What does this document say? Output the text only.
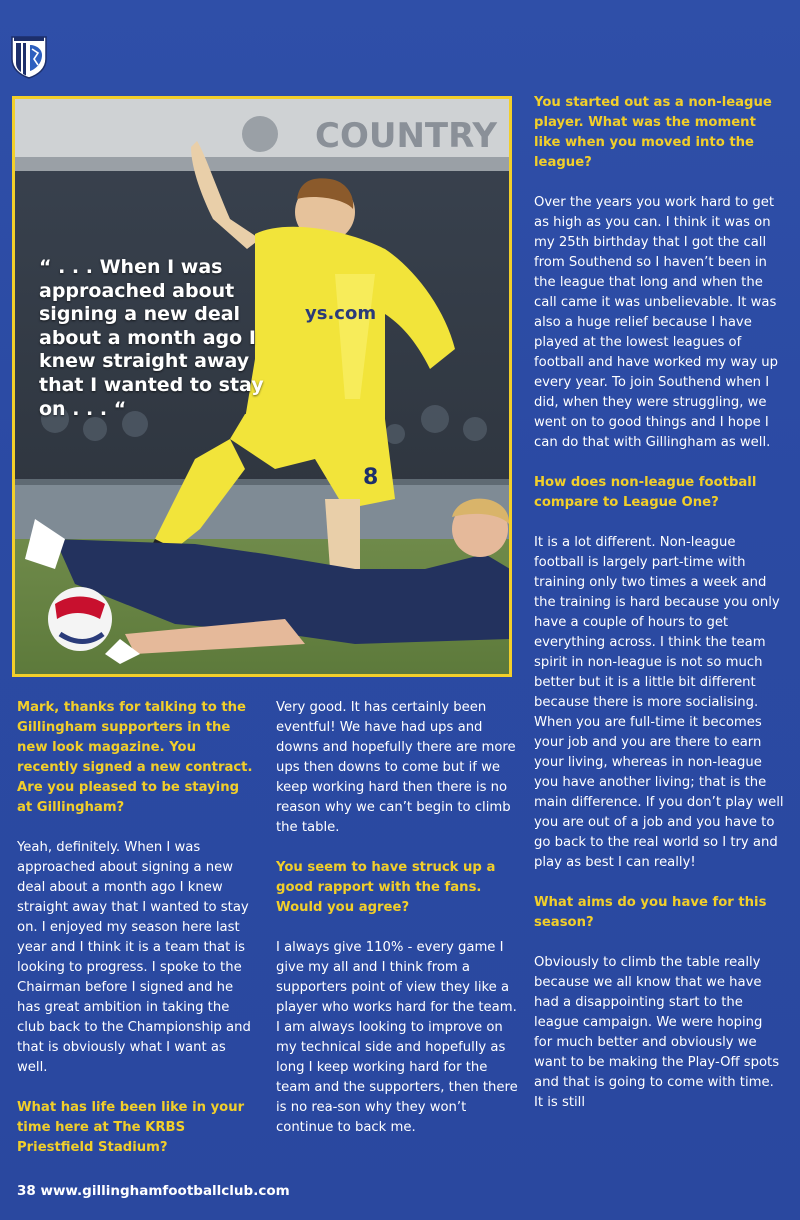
COUNTRY
ys.com
8
“ . . . When I was approached about signing a new deal about a month ago I knew straight away that I wanted to stay on . . . “

Mark, thanks for talking to the Gillingham supporters in the new look magazine. You recently signed a new contract. Are you pleased to be staying at Gillingham?

Yeah, definitely. When I was approached about signing a new deal about a month ago I knew straight away that I wanted to stay on. I enjoyed my season here last year and I think it is a team that is looking to progress. I spoke to the Chairman before I signed and he has great ambition in taking the club back to the Championship and that is obviously what I want as well.

What has life been like in your time here at The KRBS Priestfield Stadium?

Very good. It has certainly been eventful! We have had ups and downs and hopefully there are more ups then downs to come but if we keep working hard then there is no reason why we can’t begin to climb the table.

You seem to have struck up a good rapport with the fans. Would you agree?

I always give 110% - every game I give my all and I think from a supporters point of view they like a player who works hard for the team. I am always looking to improve on my technical side and hopefully as long I keep working hard for the team and the supporters, then there is no rea-son why they won’t continue to back me.

You started out as a non-league player. What was the moment like when you moved into the league?

Over the years you work hard to get as high as you can. I think it was on my 25th birthday that I got the call from Southend so I haven’t been in the league that long and when the call came it was unbelievable. It was also a huge relief because I have played at the lowest leagues of football and have worked my way up every year. To join Southend when I did, when they were struggling, we went on to good things and I hope I can do that with Gillingham as well.

How does non-league football compare to League One?

It is a lot different. Non-league football is largely part-time with training only two times a week and the training is hard because you only have a couple of hours to get everything across. I think the team spirit in non-league is not so much better but it is a little bit different because there is more socialising. When you are full-time it becomes your job and you are there to earn your living, whereas in non-league you have another living; that is the main difference. If you don’t play well you are out of a job and you have to go back to the real world so I try and play as best I can really!

What aims do you have for this season?

Obviously to climb the table really because we all know that we have had a disappointing start to the league campaign. We were hoping for much better and obviously we want to be making the Play-Off spots and that is going to come with time. It is still

38 www.gillinghamfootballclub.com
